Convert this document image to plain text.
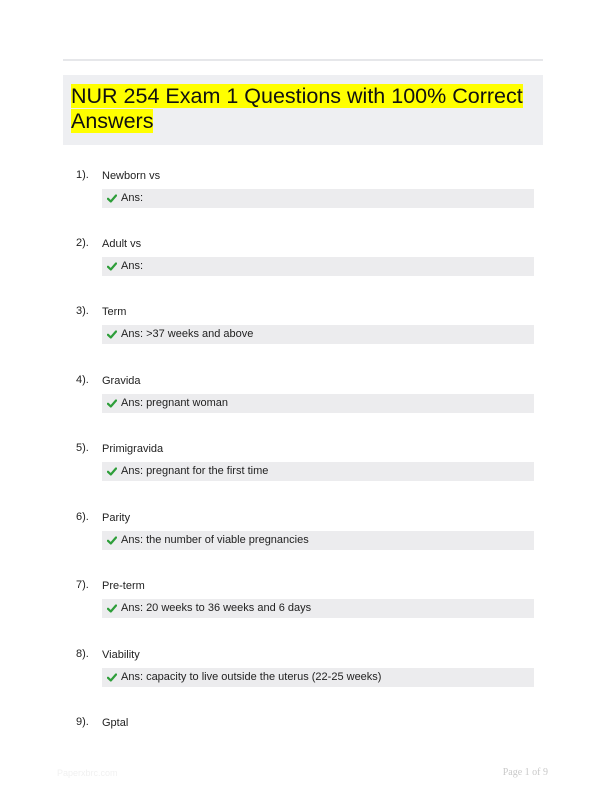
NUR 254 Exam 1 Questions with 100% Correct Answers
1). Newborn vs
Ans:
2). Adult vs
Ans:
3). Term
Ans: >37 weeks and above
4). Gravida
Ans: pregnant woman
5). Primigravida
Ans: pregnant for the first time
6). Parity
Ans: the number of viable pregnancies
7). Pre-term
Ans: 20 weeks to 36 weeks and 6 days
8). Viability
Ans: capacity to live outside the uterus (22-25 weeks)
9). Gptal
Paperxbrc.com	Page 1 of 9
